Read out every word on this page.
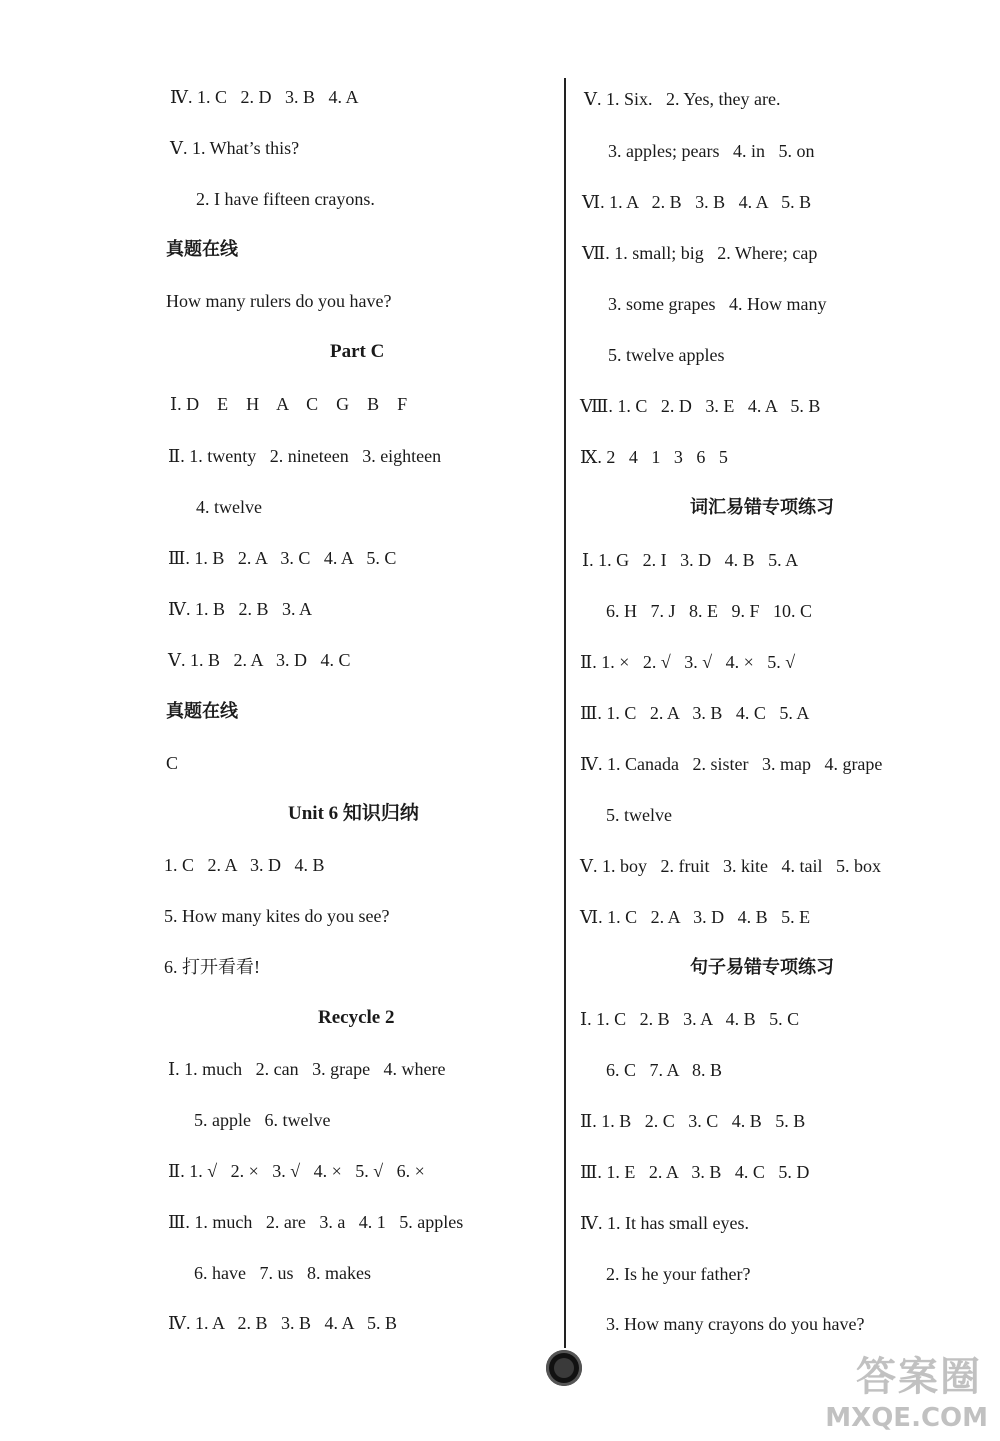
Ⅳ. 1. C   2. D   3. B   4. A
Ⅴ. 1. What’s this?
2. I have fifteen crayons.
真题在线
How many rulers do you have?
Part C
Ⅰ. D    E    H    A    C    G    B    F
Ⅱ. 1. twenty   2. nineteen   3. eighteen
4. twelve
Ⅲ. 1. B   2. A   3. C   4. A   5. C
Ⅳ. 1. B   2. B   3. A
Ⅴ. 1. B   2. A   3. D   4. C
真题在线
C
Unit 6 知识归纳
1. C   2. A   3. D   4. B
5. How many kites do you see?
6. 打开看看!
Recycle 2
Ⅰ. 1. much   2. can   3. grape   4. where
5. apple   6. twelve
Ⅱ. 1. √   2. ×   3. √   4. ×   5. √   6. ×
Ⅲ. 1. much   2. are   3. a   4. 1   5. apples
6. have   7. us   8. makes
Ⅳ. 1. A   2. B   3. B   4. A   5. B
Ⅴ. 1. Six.   2. Yes, they are.
3. apples; pears   4. in   5. on
Ⅵ. 1. A   2. B   3. B   4. A   5. B
Ⅶ. 1. small; big   2. Where; cap
3. some grapes   4. How many
5. twelve apples
Ⅷ. 1. C   2. D   3. E   4. A   5. B
Ⅸ. 2   4   1   3   6   5
词汇易错专项练习
Ⅰ. 1. G   2. I   3. D   4. B   5. A
6. H   7. J   8. E   9. F   10. C
Ⅱ. 1. ×   2. √   3. √   4. ×   5. √
Ⅲ. 1. C   2. A   3. B   4. C   5. A
Ⅳ. 1. Canada   2. sister   3. map   4. grape
5. twelve
Ⅴ. 1. boy   2. fruit   3. kite   4. tail   5. box
Ⅵ. 1. C   2. A   3. D   4. B   5. E
句子易错专项练习
Ⅰ. 1. C   2. B   3. A   4. B   5. C
6. C   7. A   8. B
Ⅱ. 1. B   2. C   3. C   4. B   5. B
Ⅲ. 1. E   2. A   3. B   4. C   5. D
Ⅳ. 1. It has small eyes.
2. Is he your father?
3. How many crayons do you have?
答案圈
MXQE.COM
